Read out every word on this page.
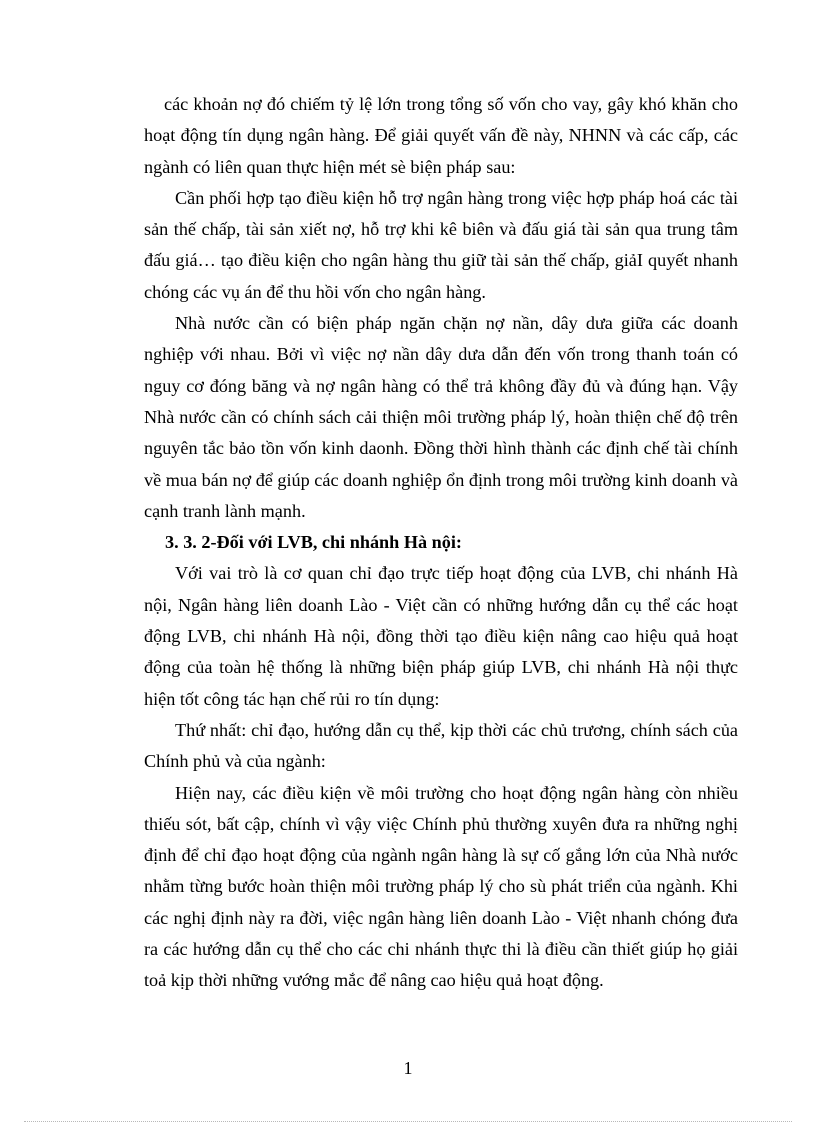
các khoản nợ đó chiếm tỷ lệ lớn trong tổng số vốn cho vay, gây khó khăn cho hoạt động tín dụng ngân hàng. Để giải quyết vấn đề này, NHNN và các cấp, các ngành có liên quan thực hiện mét sè biện pháp sau:

Cần phối hợp tạo điều kiện hỗ trợ ngân hàng trong việc hợp pháp hoá các tài sản thế chấp, tài sản xiết nợ, hỗ trợ khi kê biên và đấu giá tài sản qua trung tâm đấu giá… tạo điều kiện cho ngân hàng thu giữ tài sản thế chấp, giảI quyết nhanh chóng các vụ án để thu hồi vốn cho ngân hàng.

Nhà nước cần có biện pháp ngăn chặn nợ nần, dây dưa giữa các doanh nghiệp với nhau. Bởi vì việc nợ nần dây dưa dẫn đến vốn trong thanh toán có nguy cơ đóng băng và nợ ngân hàng có thể trả không đầy đủ và đúng hạn. Vậy Nhà nước cần có chính sách cải thiện môi trường pháp lý, hoàn thiện chế độ trên nguyên tắc bảo tồn vốn kinh daonh. Đồng thời hình thành các định chế tài chính về mua bán nợ để giúp các doanh nghiệp ổn định trong môi trường kinh doanh và cạnh tranh lành mạnh.

3. 3. 2-Đối với LVB, chi nhánh Hà nội:

Với vai trò là cơ quan chỉ đạo trực tiếp hoạt động của LVB, chi nhánh Hà nội, Ngân hàng liên doanh Lào - Việt cần có những hướng dẫn cụ thể các hoạt động LVB, chi nhánh Hà nội, đồng thời tạo điều kiện nâng cao hiệu quả hoạt động của toàn hệ thống là những biện pháp giúp LVB, chi nhánh Hà nội thực hiện tốt công tác hạn chế rủi ro tín dụng:

Thứ nhất: chỉ đạo, hướng dẫn cụ thể, kịp thời các chủ trương, chính sách của Chính phủ và của ngành:

Hiện nay, các điều kiện về môi trường cho hoạt động ngân hàng còn nhiều thiếu sót, bất cập, chính vì vậy việc Chính phủ thường xuyên đưa ra những nghị định để chỉ đạo hoạt động của ngành ngân hàng là sự cố gắng lớn của Nhà nước nhằm từng bước hoàn thiện môi trường pháp lý cho sù phát triển của ngành. Khi các nghị định này ra đời, việc ngân hàng liên doanh Lào - Việt nhanh chóng đưa ra các hướng dẫn cụ thể cho các chi nhánh thực thi là điều cần thiết giúp họ giải toả kịp thời những vướng mắc để nâng cao hiệu quả hoạt động.

1
